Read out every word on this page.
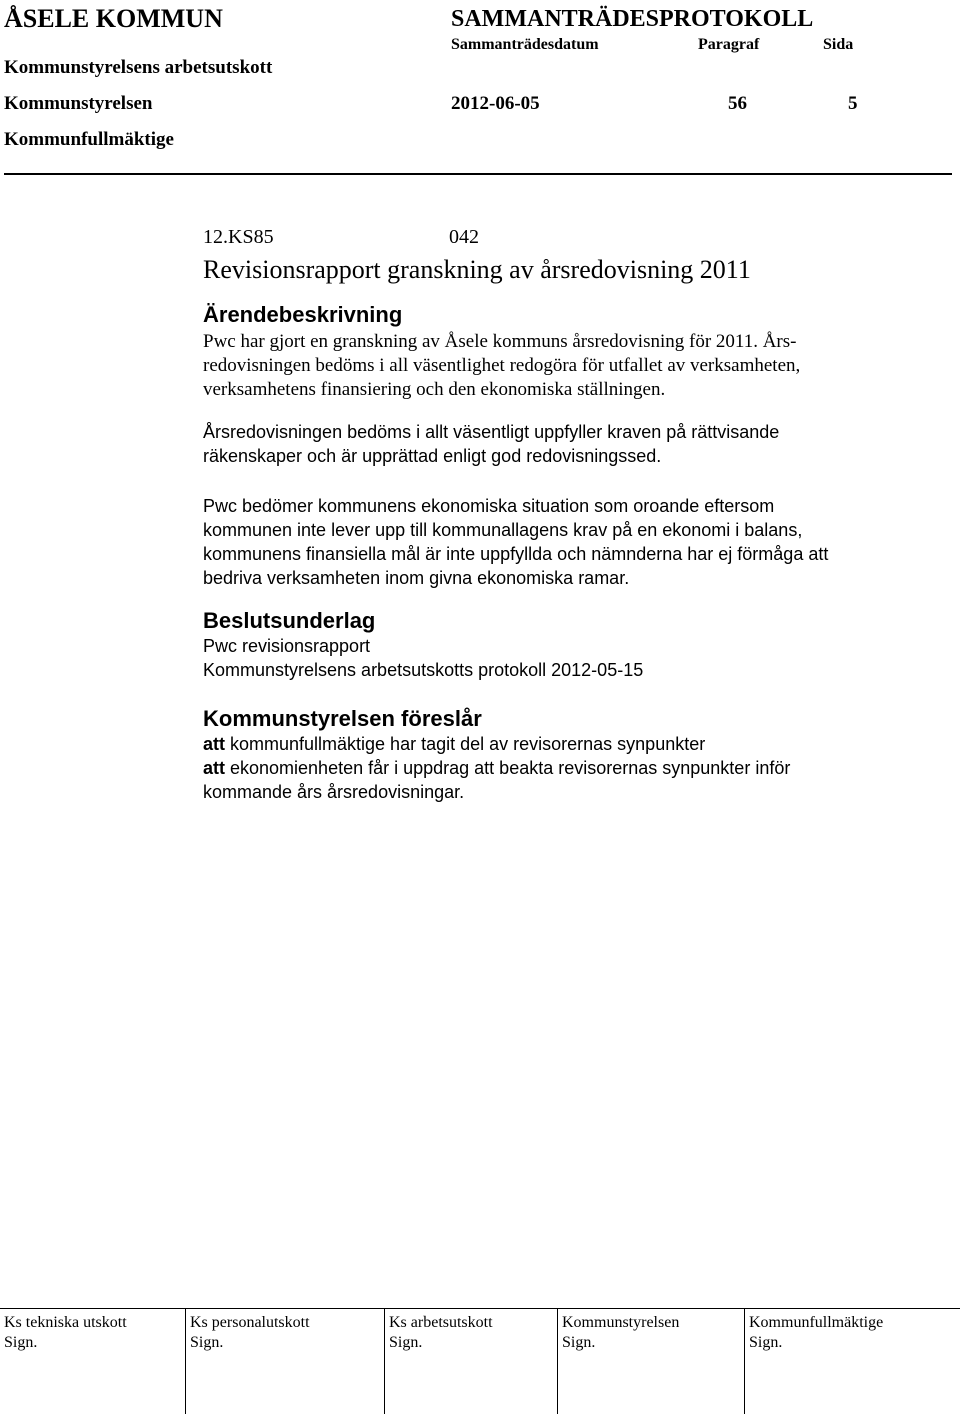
ÅSELE KOMMUN	SAMMANTRÄDESPROTOKOLL
Sammanträdesdatum	Paragraf	Sida
Kommunstyrelsens arbetsutskott
Kommunstyrelsen
Kommunfullmäktige
2012-06-05	56	5
12.KS85	042
Revisionsrapport granskning av årsredovisning 2011
Ärendebeskrivning

Pwc har gjort en granskning av Åsele kommuns årsredovisning för 2011. Års-
redovisningen bedöms i all väsentlighet redogöra för utfallet av verksamheten,
verksamhetens finansiering och den ekonomiska ställningen.

Årsredovisningen bedöms i allt väsentligt uppfyller kraven på rättvisande
räkenskaper och är upprättad enligt god redovisningssed.

Pwc bedömer kommunens ekonomiska situation som oroande eftersom
kommunen inte lever upp till kommunallagens krav på en ekonomi i balans,
kommunens finansiella mål är inte uppfyllda och nämnderna har ej förmåga att
bedriva verksamheten inom givna ekonomiska ramar.

Beslutsunderlag

Pwc revisionsrapport
Kommunstyrelsens arbetsutskotts protokoll 2012-05-15

Kommunstyrelsen föreslår

att kommunfullmäktige har tagit del av revisorernas synpunkter
att ekonomienheten får i uppdrag att beakta revisorernas synpunkter inför
kommande års årsredovisningar.

Ks tekniska utskott
Sign.
Ks personalutskott
Sign.
Ks arbetsutskott
Sign.
Kommunstyrelsen
Sign.
Kommunfullmäktige
Sign.
